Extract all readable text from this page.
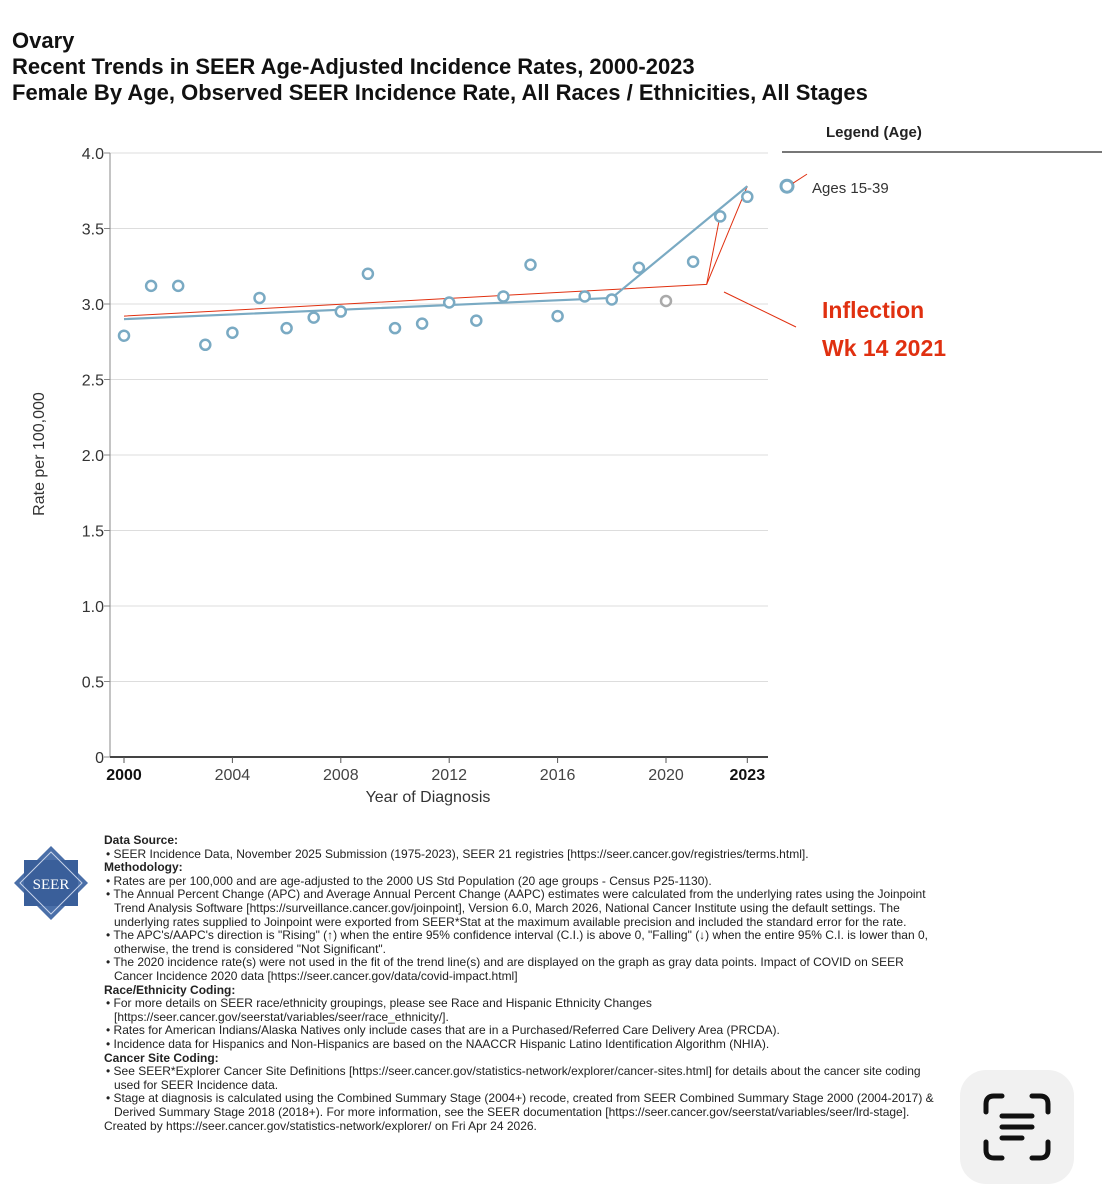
Ovary
Recent Trends in SEER Age-Adjusted Incidence Rates, 2000-2023
Female By Age, Observed SEER Incidence Rate, All Races / Ethnicities, All Stages
Legend (Age)
0
0.5
1.0
1.5
2.0
2.5
3.0
3.5
4.0
2000	2004	2008	2012	2016	2020	2023
Rate per 100,000
Year of Diagnosis
Ages 15-39
Inflection
Wk 14 2021
SEER
Data Source:
• SEER Incidence Data, November 2025 Submission (1975-2023), SEER 21 registries [https://seer.cancer.gov/registries/terms.html].
Methodology:
• Rates are per 100,000 and are age-adjusted to the 2000 US Std Population (20 age groups - Census P25-1130).
• The Annual Percent Change (APC) and Average Annual Percent Change (AAPC) estimates were calculated from the underlying rates using the Joinpoint Trend Analysis Software [https://surveillance.cancer.gov/joinpoint], Version 6.0, March 2026, National Cancer Institute using the default settings. The underlying rates supplied to Joinpoint were exported from SEER*Stat at the maximum available precision and included the standard error for the rate.
• The APC's/AAPC's direction is "Rising" (↑) when the entire 95% confidence interval (C.I.) is above 0, "Falling" (↓) when the entire 95% C.I. is lower than 0, otherwise, the trend is considered "Not Significant".
• The 2020 incidence rate(s) were not used in the fit of the trend line(s) and are displayed on the graph as gray data points. Impact of COVID on SEER Cancer Incidence 2020 data [https://seer.cancer.gov/data/covid-impact.html]
Race/Ethnicity Coding:
• For more details on SEER race/ethnicity groupings, please see Race and Hispanic Ethnicity Changes [https://seer.cancer.gov/seerstat/variables/seer/race_ethnicity/].
• Rates for American Indians/Alaska Natives only include cases that are in a Purchased/Referred Care Delivery Area (PRCDA).
• Incidence data for Hispanics and Non-Hispanics are based on the NAACCR Hispanic Latino Identification Algorithm (NHIA).
Cancer Site Coding:
• See SEER*Explorer Cancer Site Definitions [https://seer.cancer.gov/statistics-network/explorer/cancer-sites.html] for details about the cancer site coding used for SEER Incidence data.
• Stage at diagnosis is calculated using the Combined Summary Stage (2004+) recode, created from SEER Combined Summary Stage 2000 (2004-2017) & Derived Summary Stage 2018 (2018+). For more information, see the SEER documentation [https://seer.cancer.gov/seerstat/variables/seer/lrd-stage].
Created by https://seer.cancer.gov/statistics-network/explorer/ on Fri Apr 24 2026.
